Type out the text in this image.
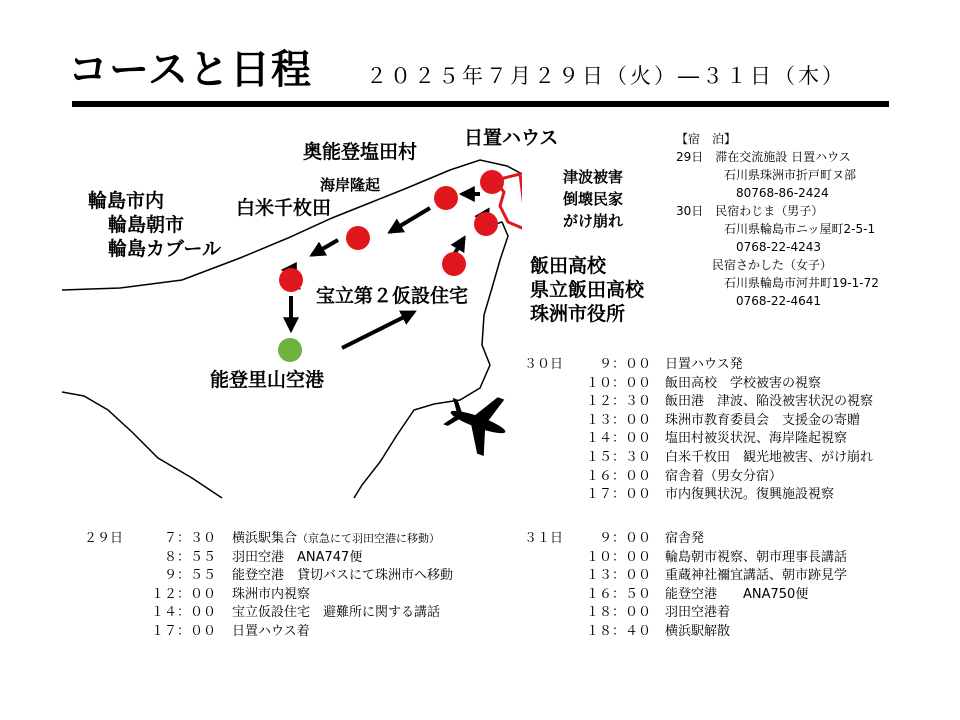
コースと日程	２０２５年７月２９日（火）―３１日（木）
奥能登塩田村
日置ハウス
海岸隆起
白米千枚田
輪島市内
輪島朝市
輪島カブール
津波被害
倒壊民家
がけ崩れ
飯田高校
県立飯田高校
珠洲市役所
宝立第２仮設住宅
能登里山空港
【宿　泊】
29日　滞在交流施設 日置ハウス
　　　　石川県珠洲市折戸町ヌ部
　　　　　80768-86-2424
30日　民宿わじま（男子）
　　　　石川県輪島市ニッ屋町2-5-1
　　　　　0768-22-4243
　　　民宿さかした（女子）
　　　　石川県輪島市河井町19-1-72
　　　　　0768-22-4641
２９日	７：３０	横浜駅集合 （京急にて羽田空港に移動）
８：５５	羽田空港　ANA747便
９：５５	能登空港　貸切バスにて珠洲市へ移動
１２：００	珠洲市内視察
１４：００	宝立仮設住宅　避難所に関する講話
１７：００	日置ハウス着
３０日	９：００	日置ハウス発
１０：００	飯田高校　学校被害の視察
１２：３０	飯田港　津波、陥没被害状況の視察
１３：００	珠洲市教育委員会　支援金の寄贈
１４：００	塩田村被災状況、海岸隆起視察
１５：３０	白米千枚田　観光地被害、がけ崩れ
１６：００	宿舎着（男女分宿）
１７：００	市内復興状況。復興施設視察
３１日	９：００	宿舎発
１０：００	輪島朝市視察、朝市理事長講話
１３：００	重蔵神社禰宜講話、朝市跡見学
１６：５０	能登空港　　ANA750便
１８：００	羽田空港着
１８：４０	横浜駅解散
